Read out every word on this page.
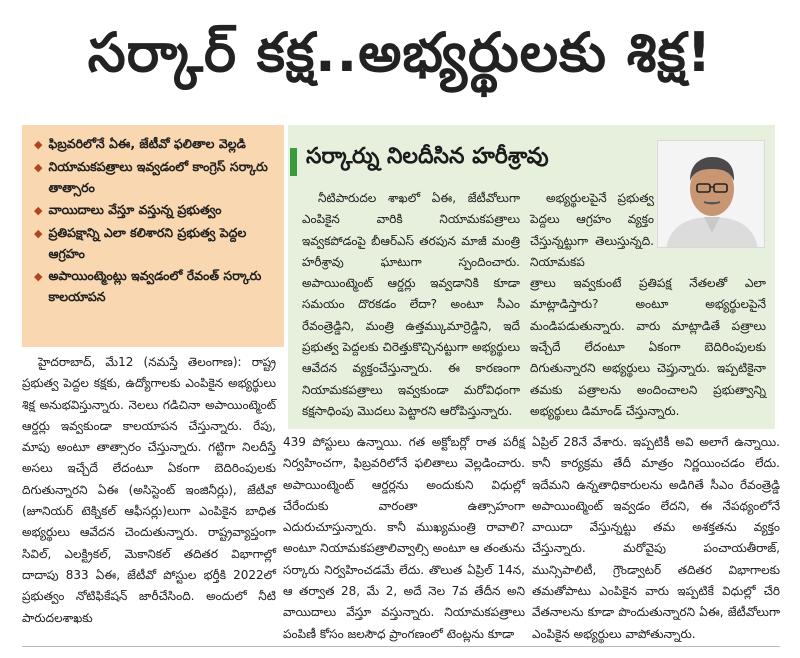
సర్కార్ కక్ష..అభ్యర్థులకు శిక్ష!
◆ ఫిబ్రవరిలోనే ఏఈ, జేటీవో ఫలితాల వెల్లడి
◆ నియామకపత్రాలు ఇవ్వడంలో కాంగ్రెస్ సర్కారు తాత్సారం
◆ వాయిదాలు వేస్తూ వస్తున్న ప్రభుత్వం
◆ ప్రతిపక్షాన్ని ఎలా కలిశారని ప్రభుత్వ పెద్దల ఆగ్రహం
◆ అపాయింట్మెంట్లు ఇవ్వడంలో రేవంత్ సర్కారు కాలయాపన
సర్కార్ను నిలదీసిన హరీశ్రావు

నీటిపారుదల శాఖలో ఏఈ, జేటీవోలుగా ఎంపికైన వారికి నియామకపత్రాలు ఇవ్వకపోడంపై బీఆర్ఎస్ తరపున మాజీ మంత్రి హరీశ్రావు ఘాటుగా స్పందించారు. అపాయింట్మెంట్ ఆర్డర్లు ఇవ్వడానికి కూడా సమయం దొరకడం లేదా? అంటూ సీఎం రేవంత్రెడ్డిని, మంత్రి ఉత్తమ్కుమార్రెడ్డిని, ఇదే ప్రభుత్వ పెద్దలకు చిరెత్తుకొచ్చినట్టుగా అభ్యర్థులు ఆవేదన వ్యక్తంచేస్తున్నారు. ఈ కారణంగా నియామకపత్రాలు ఇవ్వకుండా మరోవిధంగా కక్షసాధింపు మొదలు పెట్టారని ఆరోపిస్తున్నారు.

అభ్యర్థులపైనే ప్రభుత్వ పెద్దలు ఆగ్రహం వ్యక్తం చేస్తున్నట్టుగా తెలుస్తున్నది. నియామకప

త్రాలు ఇవ్వకుంటే ప్రతిపక్ష నేతలతో ఎలా మాట్లాడిస్తారు? అంటూ అభ్యర్థులపైనే మండిపడుతున్నారు. వారు మాట్లాడితే పత్రాలు ఇచ్చేదే లేదంటూ ఏకంగా బెదిరింపులకు దిగుతున్నారని అభ్యర్థులు చెప్తున్నారు. ఇప్పటికైనా తమకు పత్రాలను అందించాలని ప్రభుత్వాన్ని అభ్యర్థులు డిమాండ్ చేస్తున్నారు.

హైదరాబాద్, మే12 (నమస్తే తెలంగాణ): రాష్ట్ర ప్రభుత్వ పెద్దల కక్షకు, ఉద్యోగాలకు ఎంపికైన అభ్యర్థులు శిక్ష అనుభవిస్తున్నారు. నెలలు గడిచినా అపాయింట్మెంట్ ఆర్డర్లు ఇవ్వకుండా కాలయాపన చేస్తున్నారు. రేపు, మాపు అంటూ తాత్సారం చేస్తున్నారు. గట్టిగా నిలదీస్తే అసలు ఇచ్చేదే లేదంటూ ఏకంగా బెదిరింపులకు దిగుతున్నారని ఏఈ (అసిస్టెంట్ ఇంజినీర్లు), జేటీవో (జూనియర్ టెక్నికల్ ఆఫీసర్లు)లుగా ఎంపికైన బాధిత అభ్యర్థులు ఆవేదన చెందుతున్నారు. రాష్ట్రవ్యాప్తంగా సివిల్, ఎలక్ట్రికల్, మెకానికల్ తదితర విభాగాల్లో దాదాపు 833 ఏఈ, జేటీవో పోస్టుల భర్తీకి 2022లో ప్రభుత్వం నోటిఫికేషన్ జారీచేసింది. అందులో నీటి పారుదలశాఖకు

439 పోస్టులు ఉన్నాయి. గత అక్టోబర్లో రాత పరీక్ష నిర్వహించగా, ఫిబ్రవరిలోనే ఫలితాలు వెల్లడించారు. అపాయింట్మెంట్ ఆర్డర్లను అందుకుని విధుల్లో చేరేందుకు వారంతా ఉత్సాహంగా ఎదురుచూస్తున్నారు. కానీ ముఖ్యమంత్రి రావాలి? అంటూ నియామకపత్రాలివ్వాల్సి అంటూ ఆ తంతును సర్కారు నిర్వహించడమే లేదు. తొలుత ఏప్రిల్ 14న, ఆ తర్వాత 28, మే 2, అదే నెల 7వ తేదీన అని వాయిదాలు వేస్తూ వస్తున్నారు. నియామకపత్రాలు పంపిణీ కోసం జలసౌధ ప్రాంగణంలో టెంట్లను కూడా

ఏప్రిల్ 28నే వేశారు. ఇప్పటికీ అవి అలాగే ఉన్నాయి. కానీ కార్యక్రమ తేదీ మాత్రం నిర్ణయించడం లేదు. ఇదేమని ఉన్నతాధికారులను అడిగితే సీఎం రేవంత్రెడ్డి అపాయింట్మెంట్ ఇవ్వడం లేదని, ఈ నేపథ్యంలోనే వాయిదా వేస్తున్నట్టు తమ అశక్తతను వ్యక్తం చేస్తున్నారు. మరోవైపు పంచాయతీరాజ్, మున్సిపాలిటీ, గ్రౌండ్వాటర్ తదితర విభాగాలకు తమతోపాటు ఎంపికైన వారు ఇప్పటికే విధుల్లో చేరి వేతనాలను కూడా పొందుతున్నారని ఏఈ, జేటీవోలుగా ఎంపికైన అభ్యర్థులు వాపోతున్నారు.
